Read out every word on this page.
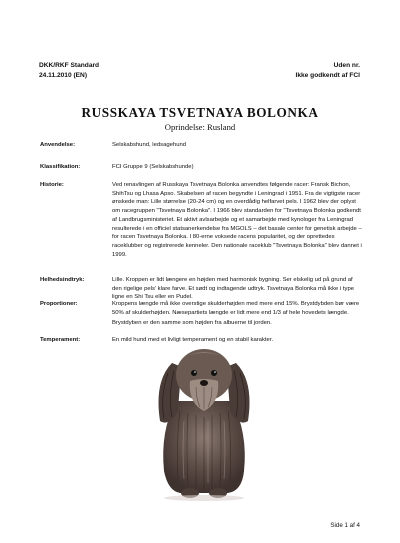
DKK/RKF Standard
24.11.2010 (EN)
Uden nr.
Ikke godkendt af FCI
RUSSKAYA TSVETNAYA BOLONKA
Oprindelse: Rusland
Anvendelse:	Selskabshund, ledsagehund
Klassifikation:	FCI Gruppe 9 (Selskabshunde)
Historie:	Ved renavlingen af Russkaya Tsvetnaya Bolonka anvendtes følgende racer: Fransk Bichon, ShihTsu og Lhasa Apso. Skabelsen af racen begyndte i Leningrad i 1951. Fra de vigtigste racer ønskede man: Lille størrelse (20-24 cm) og en overdådig helfarvet pels. I 1962 blev der oplyst om racegruppen "Tsvetnaya Bolonka". I 1966 blev standarden for "Tsvetnaya Bolonka godkendt af Landbrugsministeriet. Et aktivt avlsarbejde og et samarbejde med kynologer fra Leningrad resulterede i en officiel statsanerkendelse fra MGOLS – det basale center for genetisk arbejde – for racen Tsvetnaya Bolonka. I 80-erne voksede racens popularitet, og der oprettedes raceklubber og registrerede kenneler. Den nationale raceklub "Tsvetnaya Bolonka" blev dannet i 1999.
Helhedsindtryk:	Lille. Kroppen er lidt længere en højden med harmonisk bygning. Ser elskelig ud på grund af den rigelige pels' klare farve. Et sødt og indtagende udtryk. Tsvetnaya Bolonka må ikke i type ligne en Shi Tsu eller en Pudel.
Proportioner:	Kroppens længde må ikke overstige skulderhøjden med mere end 15%. Brystdybden bør være 50% af skulderhøjden. Næsepartiets længde er lidt mere end 1/3 af hele hovedets længde.

Brystdyben er den samme som højden fra albuerne til jorden.

Temperament:	En mild hund med et livligt temperament og en stabil karakter.
Side 1 af 4
